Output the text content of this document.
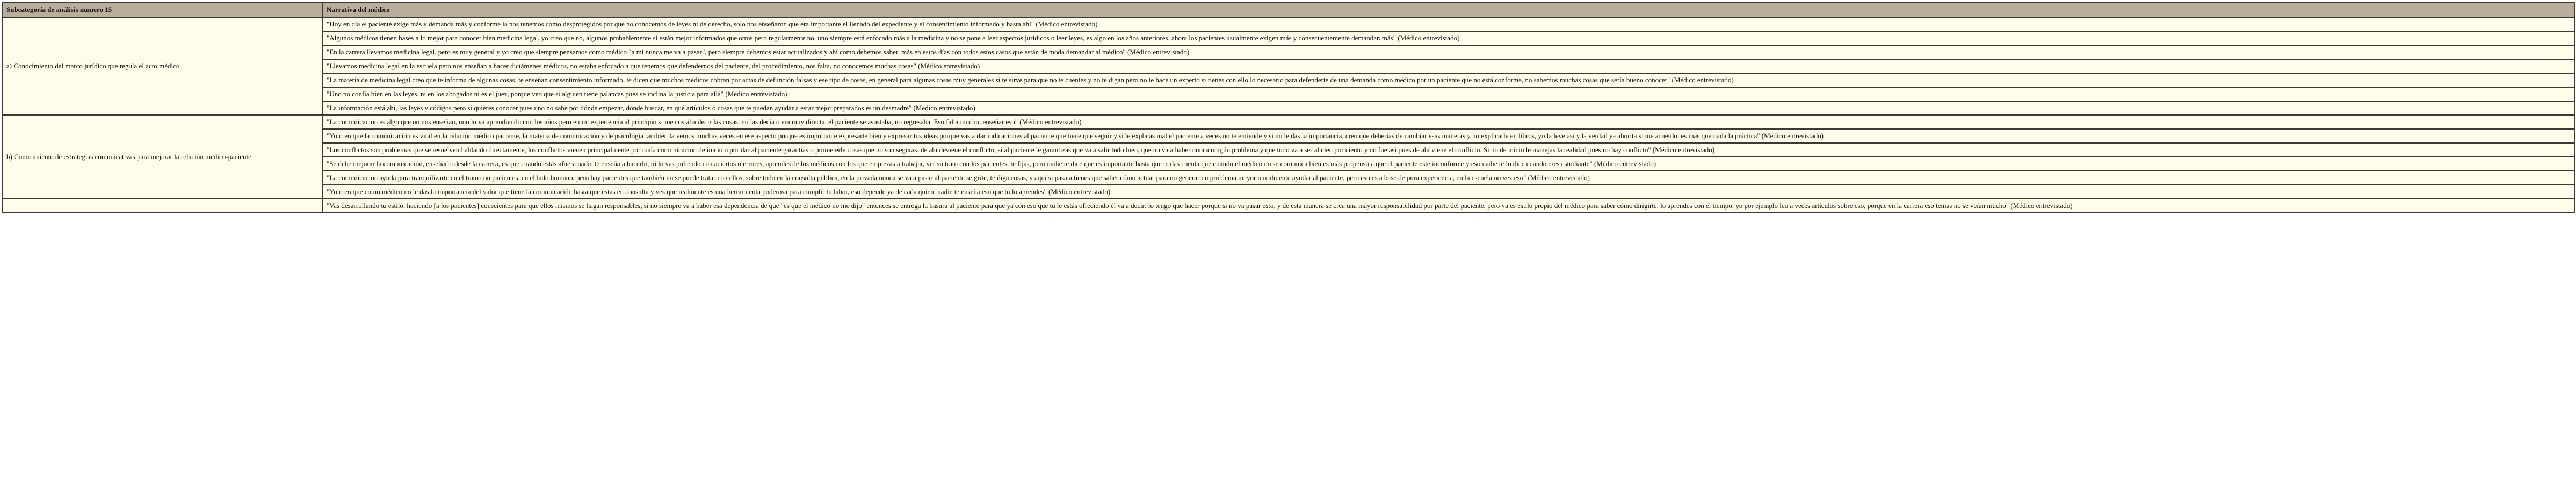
Subcategoría de análisis numero 15	Narrativa del médico
a) Conocimiento del marco jurídico que regula el acto médico	"Hoy en día el paciente exige más y demanda más y conforme la nos tenemos como desprotegidos por que no conocemos de leyes ni de derecho, solo nos enseñaron que era importante el llenado del expediente y el consentimiento informado y hasta ahí" (Médico entrevistado)
	"Algunos médicos tienen bases a lo mejor para conocer bien medicina legal, yo creo que no, algunos probablemente si están mejor informados que otros pero regularmente no, uno siempre está enfocado más a la medicina y no se pone a leer aspectos jurídicos o leer leyes, es algo en los años anteriores, ahora los pacientes usualmente exigen más y consecuentemente demandan más" (Médico entrevistado)
	"En la carrera llevamos medicina legal, pero es muy general y yo creo que siempre pensamos como médico "a mí nunca me va a pasar", pero siempre debemos estar actualizados y ahí como debemos saber, más en estos días con todos estos casos que están de moda demandar al médico" (Médico entrevistado)
	"Llevamos medicina legal en la escuela pero nos enseñan a hacer dictámenes médicos, no estaba enfocado a que tenemos que defendernos del paciente, del procedimiento, nos falta, no conocemos muchas cosas" (Médico entrevistado)
	"La materia de medicina legal creo que te informa de algunas cosas, te enseñan consentimiento informado, te dicen que muchos médicos cobran por actas de defunción falsas y ese tipo de cosas, en general para algunas cosas muy generales si te sirve para que no te cuentes y no te digan pero no te hace un experto si tienes con ello lo necesario para defenderte de una demanda como médico por un paciente que no está conforme, no sabemos muchas cosas que sería bueno conocer" (Médico entrevistado)
	"Uno no confía bien en las leyes, ni en los abogados ni es el juez, porque veo que si alguien tiene palancas pues se inclina la justicia para allá" (Médico entrevistado)
	"La información está ahí, las leyes y códigos pero si quieres conocer pues uno no sabe por dónde empezar, dónde buscar, en qué artículos o cosas que te puedan ayudar a estar mejor preparados es un desmadre" (Médico entrevistado)
b) Conocimiento de estrategias comunicativas para mejorar la relación médico-paciente	"La comunicación es algo que no nos enseñan, uno lo va aprendiendo con los años pero en mi experiencia al principio si me costaba decir las cosas, no las decía o era muy directa, el paciente se asustaba, no regresaba. Eso falta mucho, enseñar eso" (Médico entrevistado)
	"Yo creo que la comunicación es vital en la relación médico paciente, la materia de comunicación y de psicología también la vemos muchas veces en ese aspecto porque es importante expresarte bien y expresar tus ideas porque vas a dar indicaciones al paciente que tiene que seguir y si le explicas mal el paciente a veces no te entiende y si no le das la importancia, creo que deberías de cambiar esas maneras y no explicarle en libros, yo la leve así y la verdad ya ahorita si me acuerdo, es más que nada la práctica" (Médico entrevistado)
	"Los conflictos son problemas que se resuelven hablando directamente, los conflictos vienen principalmente por mala comunicación de inicio o por dar al paciente garantías o prometerle cosas que no son seguras, de ahí deviene el conflicto, si al paciente le garantizas que va a salir todo bien, que no va a haber nunca ningún problema y que todo va a ser al cien por ciento y no fue así pues de ahí viene el conflicto. Si no de inicio le manejas la realidad pues no hay conflicto" (Médico entrevistado)
	"Se debe mejorar la comunicación, enseñarlo desde la carrera, es que cuando estás afuera nadie te enseña a hacerlo, tú lo vas puliendo con aciertos o errores, aprendes de los médicos con los que empiezas a trabajar, ver su trato con los pacientes, te fijas, pero nadie te dice que es importante hasta que te das cuenta que cuando el médico no se comunica bien es más propenso a que el paciente este inconforme y eso nadie te lo dice cuando eres estudiante" (Médico entrevistado)
	"La comunicación ayuda para tranquilizarte en el trato con pacientes, en el lado humano, pero hay pacientes que también no se puede tratar con ellos, sobre todo en la consulta pública, en la privada nunca se va a pasar al paciente se grite, te diga cosas, y aquí si pasa a tienes que saber cómo actuar para no generar un problema mayor o realmente ayudar al paciente, pero eso es a base de pura experiencia, en la escuela no vez eso" (Médico entrevistado)
	"Yo creo que como médico no le das la importancia del valor que tiene la comunicación hasta que estas en consulta y ves que realmente es una herramienta poderosa para cumplir tu labor, eso depende ya de cada quien, nadie te enseña eso que tú lo aprendes" (Médico entrevistado)
	"Vas desarrollando tu estilo, haciendo [a los pacientes] conscientes para que ellos mismos se hagan responsables, si no siempre va a haber esa dependencia de que "es que el médico no me dijo" entonces se entrega la basura al paciente para que ya con eso que tú le estás ofreciendo él va a decir: lo tengo que hacer porque si no va pasar esto, y de esta manera se crea una mayor responsabilidad por parte del paciente, pero ya es estilo propio del médico para saber cómo dirigirte, lo aprendes con el tiempo, yo por ejemplo leo a veces artículos sobre eso, porque en la carrera eso temas no se veían mucho" (Médico entrevistado)
